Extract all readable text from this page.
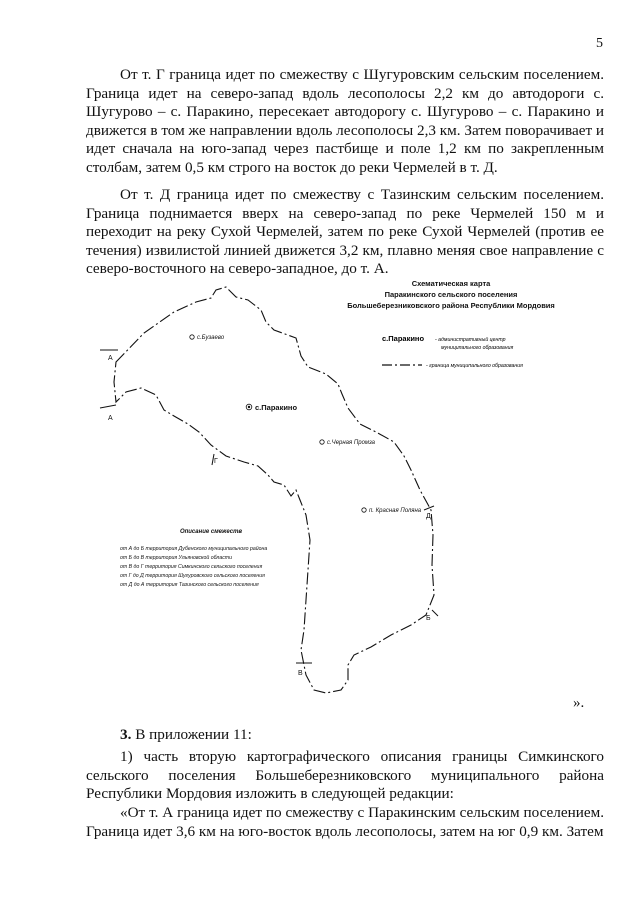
5

От т. Г граница идет по смежеству с Шугуровским сельским поселением. Граница идет на северо-запад вдоль лесополосы 2,2 км до автодороги с. Шугурово – с. Паракино, пересекает автодорогу с. Шугурово – с. Паракино и движется в том же направлении вдоль лесополосы 2,3 км. Затем поворачивает и идет сначала на юго-запад через пастбище и поле 1,2 км по закрепленным столбам, затем 0,5 км строго на восток до реки Чермелей в т. Д.

От т. Д граница идет по смежеству с Тазинским сельским поселением. Граница поднимается вверх на северо-запад по реке Чермелей 150 м и переходит на реку Сухой Чермелей, затем по реке Сухой Чермелей (против ее течения) извилистой линией движется 3,2 км, плавно меняя свое направление с северо-восточного на северо-западное, до т. А.

Схематическая карта
Паракинского сельского поселения
Большеберезниковского района Республики Мордовия
с.Паракино - административный центр
муниципального образования
- граница муниципального образования
А
А
Г
Д
Б
В
с.Бузаево
с.Паракино
с.Черная Промза
п. Красная Поляна
Описание смежеств
от А до Б территория Дубенского муниципального района
от Б до В территория Ульяновской области
от В до Г территория Симкинского сельского поселения
от Г до Д территория Шугуровского сельского поселения
от Д до А территория Тазинского сельского поселения
».
3. В приложении 11:

1) часть вторую картографического описания границы Симкинского сельского поселения Большеберезниковского муниципального района Республики Мордовия изложить в следующей редакции:

«От т. А граница идет по смежеству с Паракинским сельским поселением. Граница идет 3,6 км на юго-восток вдоль лесополосы, затем на юг 0,9 км. Затем
